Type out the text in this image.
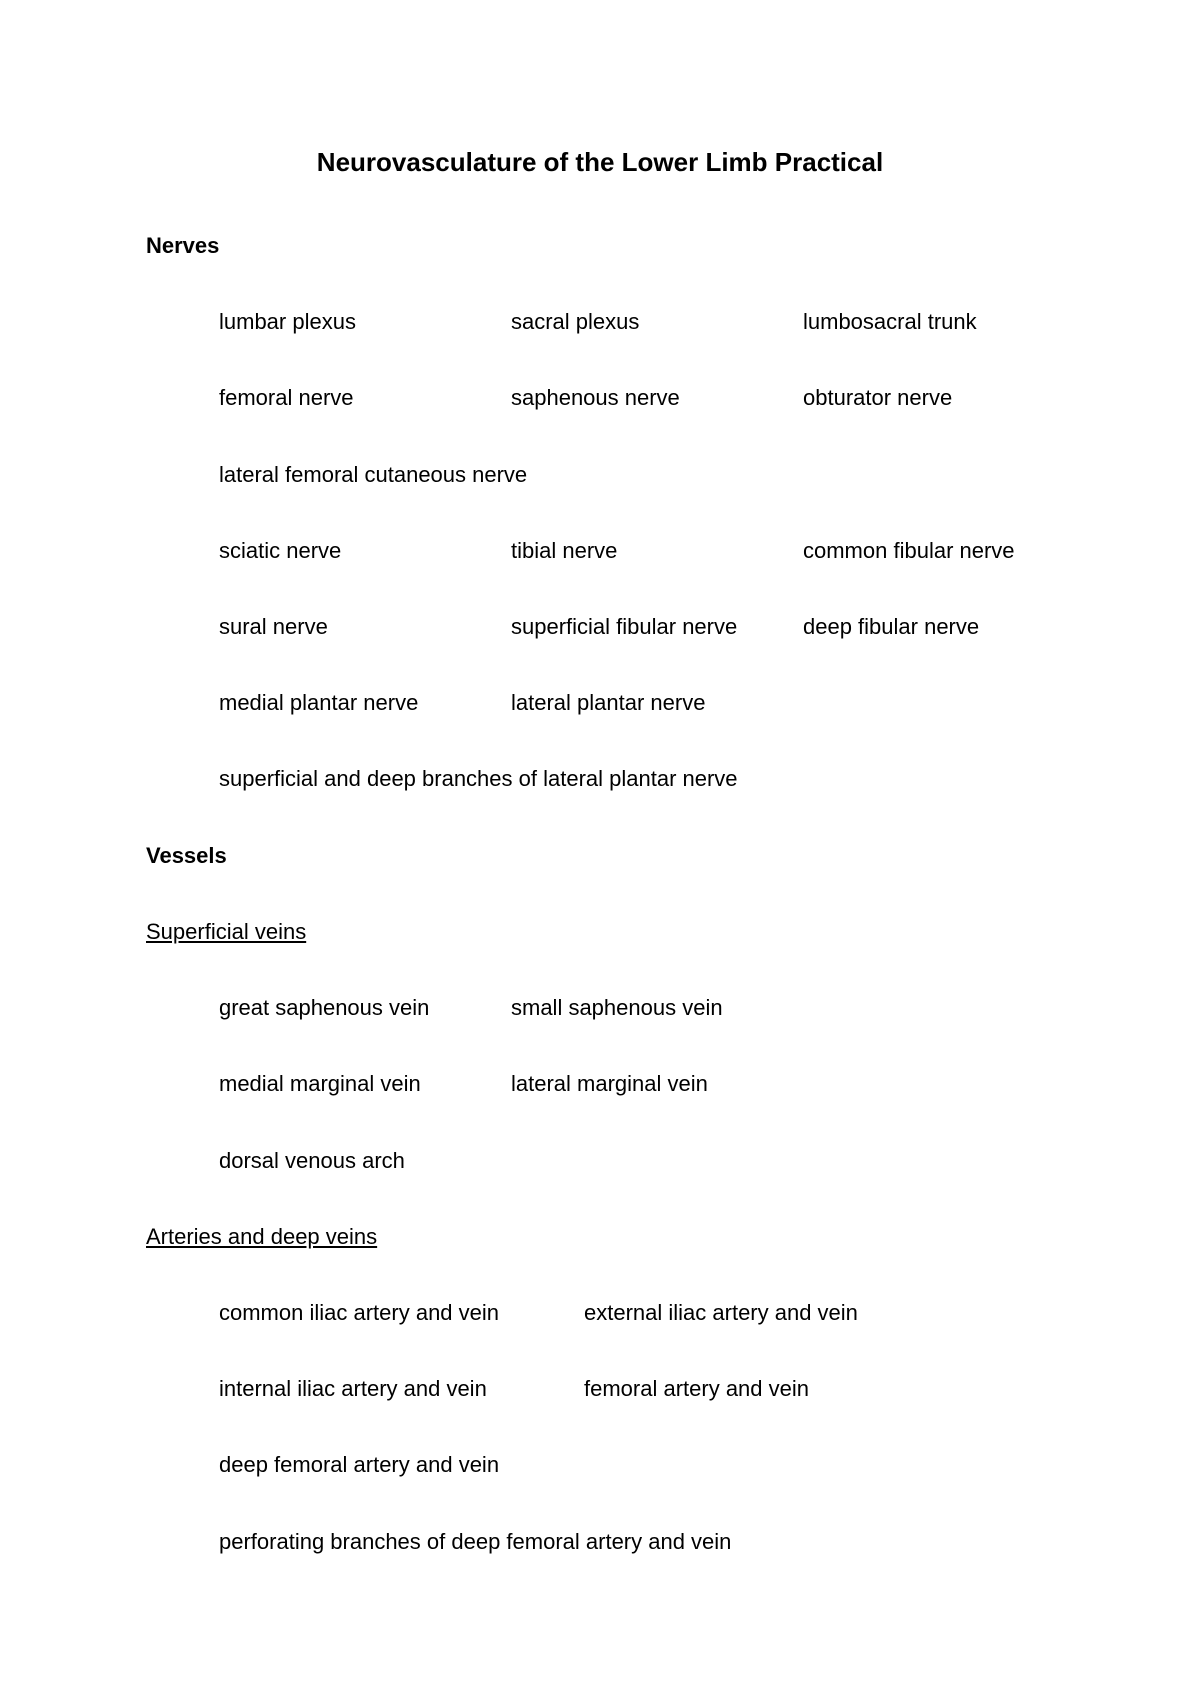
Neurovasculature of the Lower Limb Practical
Nerves
lumbar plexus	sacral plexus	lumbosacral trunk
femoral nerve	saphenous nerve	obturator nerve
lateral femoral cutaneous nerve
sciatic nerve	tibial nerve	common fibular nerve
sural nerve	superficial fibular nerve	deep fibular nerve
medial plantar nerve	lateral plantar nerve
superficial and deep branches of lateral plantar nerve
Vessels
Superficial veins
great saphenous vein	small saphenous vein
medial marginal vein	lateral marginal vein
dorsal venous arch
Arteries and deep veins
common iliac artery and vein	external iliac artery and vein
internal iliac artery and vein	femoral artery and vein
deep femoral artery and vein
perforating branches of deep femoral artery and vein
